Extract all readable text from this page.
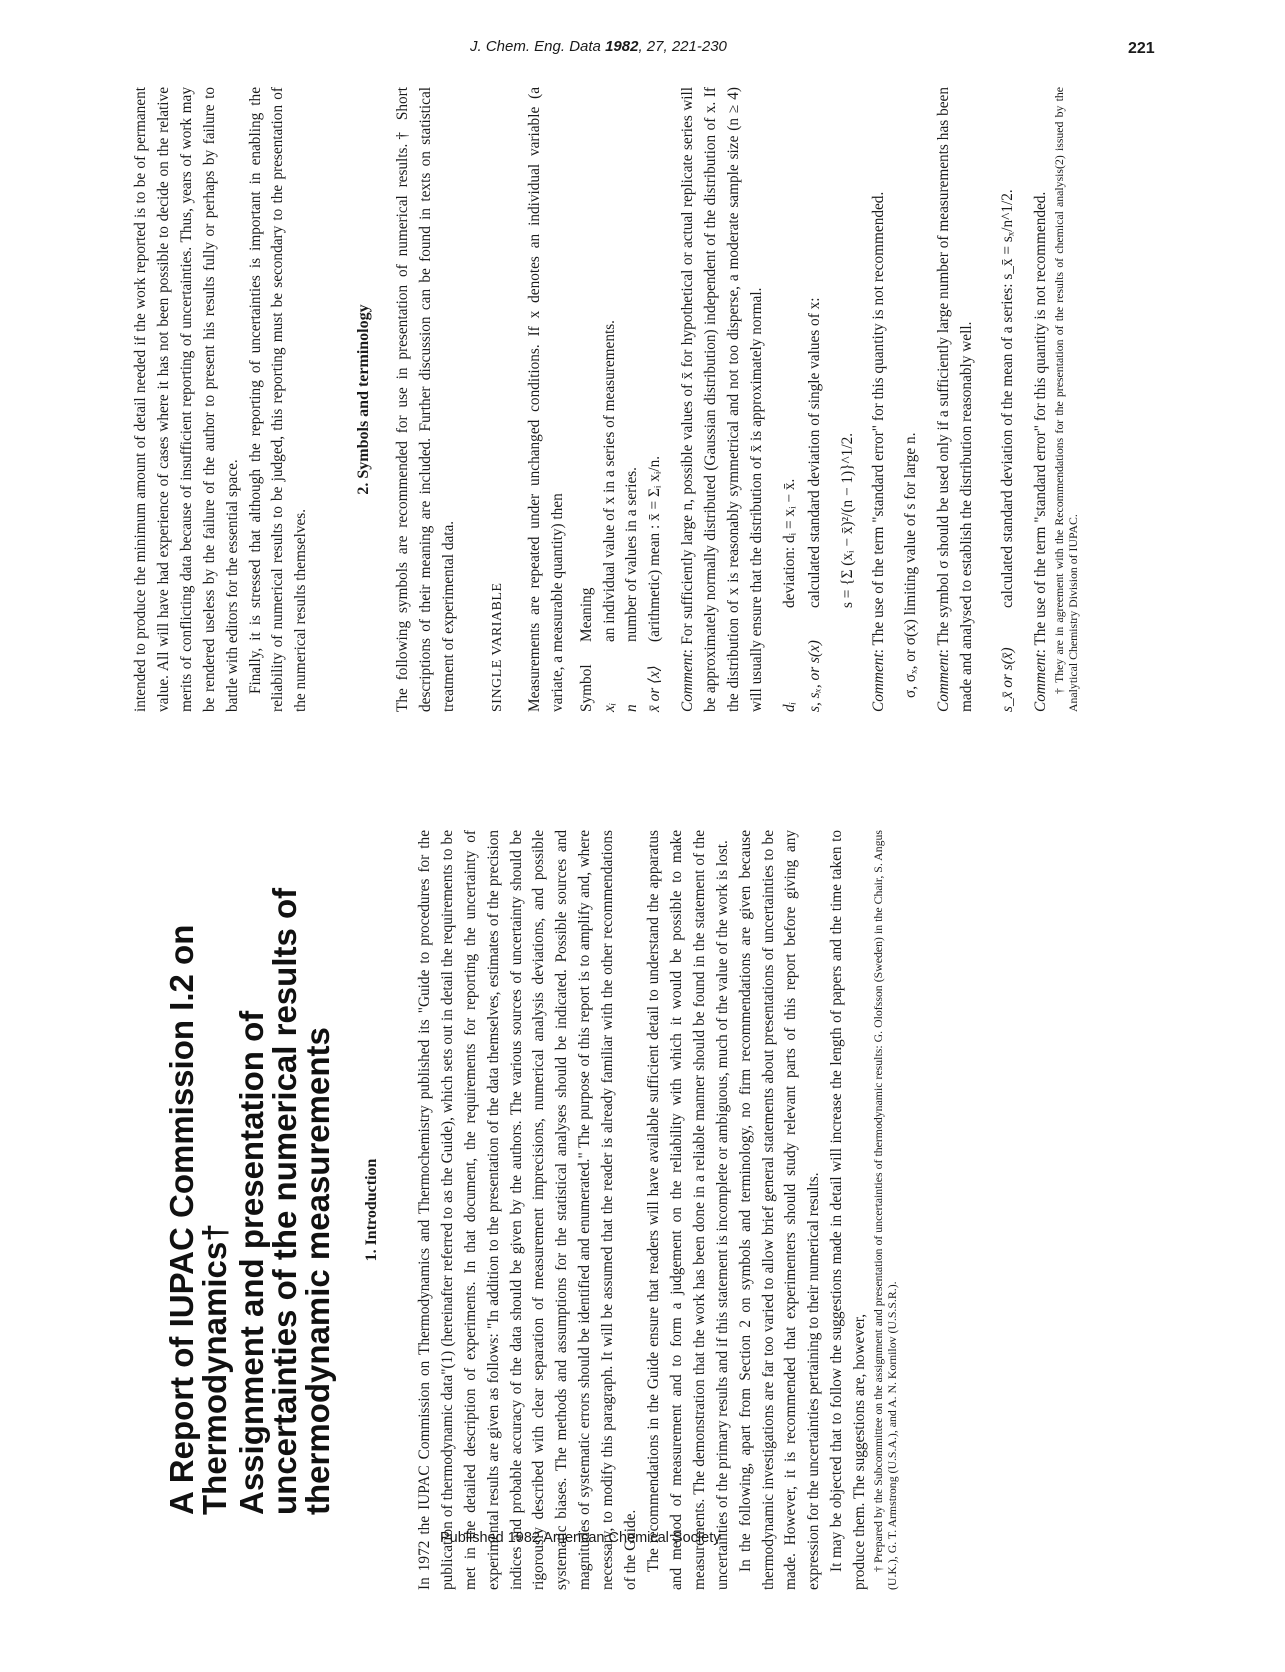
J. Chem. Eng. Data 1982, 27, 221-230	221
A Report of IUPAC Commission I.2 on Thermodynamics† Assignment and presentation of uncertainties of the numerical results of thermodynamic measurements 1. Introduction In 1972 the IUPAC Commission on Thermodynamics and Thermochemistry published its "Guide to procedures for the publication of thermodynamic data"(1) (hereinafter referred to as the Guide), which sets out in detail the requirements to be met in the detailed description of experiments. In that document, the requirements for reporting the uncertainty of experimental results are given as follows: "In addition to the presentation of the data themselves, estimates of the precision indices and probable accuracy of the data should be given by the authors. The various sources of uncertainty should be rigorously described with clear separation of measurement imprecisions, numerical analysis deviations, and possible systematic biases. The methods and assumptions for the statistical analyses should be indicated. Possible sources and magnitudes of systematic errors should be identified and enumerated." The purpose of this report is to amplify and, where necessary, to modify this paragraph. It will be assumed that the reader is already familiar with the other recommendations of the Guide. The recommendations in the Guide ensure that readers will have available sufficient detail to understand the apparatus and method of measurement and to form a judgement on the reliability with which it would be possible to make measurements. The demonstration that the work has been done in a reliable manner should be found in the statement of the uncertainties of the primary results and if this statement is incomplete or ambiguous, much of the value of the work is lost. In the following, apart from Section 2 on symbols and terminology, no firm recommendations are given because thermodynamic investigations are far too varied to allow brief general statements about presentations of uncertainties to be made. However, it is recommended that experimenters should study relevant parts of this report before giving any expression for the uncertainties pertaining to their numerical results. It may be objected that to follow the suggestions made in detail will increase the length of papers and the time taken to produce them. The suggestions are, however, † Prepared by the Subcommittee on the assignment and presentation of uncertainties of thermodynamic results: G. Olofsson (Sweden) in the Chair, S. Angus (U.K.), G. T. Armstrong (U.S.A.), and A. N. Kornilov (U.S.S.R.).

Published 1982 American Chemical Society

intended to produce the minimum amount of detail needed if the work reported is to be of permanent value. All will have had experience of cases where it has not been possible to decide on the relative merits of conflicting data because of insufficient reporting of uncertainties. Thus, years of work may be rendered useless by the failure of the author to present his results fully or perhaps by failure to battle with editors for the essential space. Finally, it is stressed that although the reporting of uncertainties is important in enabling the reliability of numerical results to be judged, this reporting must be secondary to the presentation of the numerical results themselves.

2. Symbols and terminology The following symbols are recommended for use in presentation of numerical results.† Short descriptions of their meaning are included. Further discussion can be found in texts on statistical treatment of experimental data. SINGLE VARIABLE	Measurements are repeated under unchanged conditions. If x denotes an individual variable (a variate, a measurable quantity) then Symbol
Meaning
xᵢ
an individual value of x in a series of measurements.
n
number of values in a series.
x̄ or ⟨x⟩
(arithmetic) mean : x̄ = Σᵢ xᵢ/n.

Comment: For sufficiently large n, possible values of x̄ for hypothetical or actual replicate series will be approximately normally distributed (Gaussian distribution) independent of the distribution of x. If the distribution of x is reasonably symmetrical and not too disperse, a moderate sample size (n ≥ 4) will usually ensure that the distribution of x̄ is approximately normal. dᵢ
deviation: dᵢ = xᵢ − x̄.
s, sₓ, or s(x)
calculated standard deviation of single values of x: s = {Σ (xᵢ − x̄)²/(n − 1)}^1/2.

Comment: The use of the term "standard error" for this quantity is not recommended. σ, σₓ, or σ(x) limiting value of s for large n. Comment: The symbol σ should be used only if a sufficiently large number of measurements has been made and analysed to establish the distribution reasonably well. s_x̄ or s(x̄)
calculated standard deviation of the mean of a series: s_x̄ = sₓ/n^1/2.

Comment: The use of the term "standard error" for this quantity is not recommended. † They are in agreement with the Recommendations for the presentation of the results of chemical analysis(2) issued by the Analytical Chemistry Division of IUPAC.
